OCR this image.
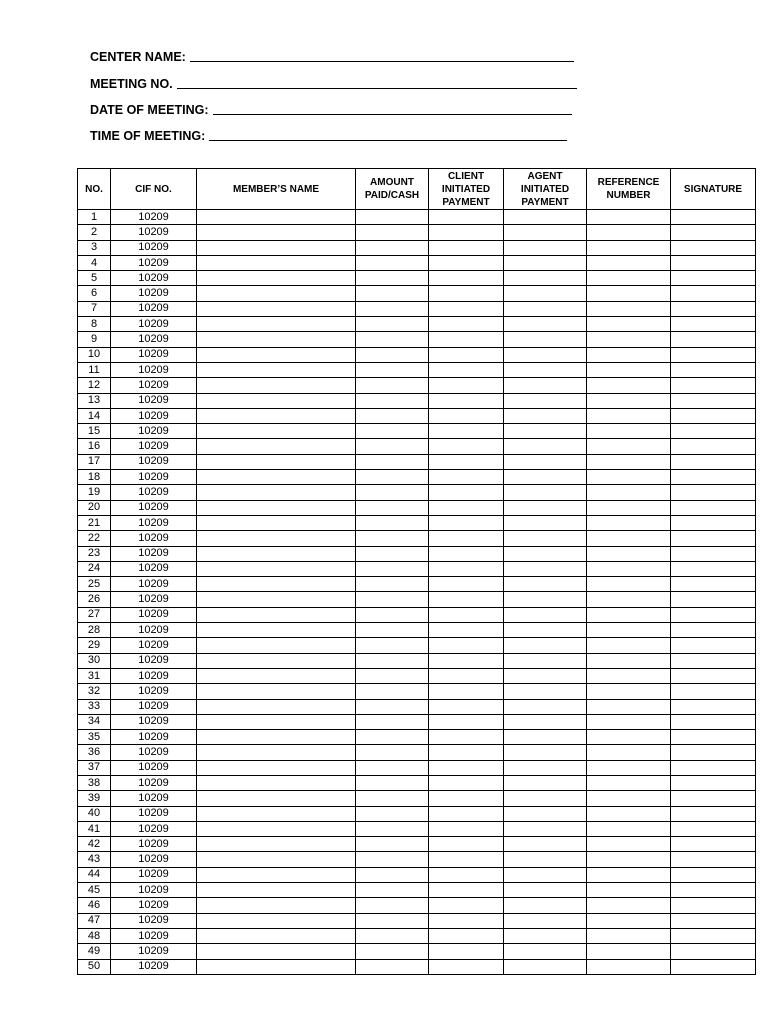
CENTER NAME:
MEETING NO.
DATE OF MEETING:
TIME OF MEETING:
NO.	CIF NO.	MEMBER’S NAME	AMOUNT PAID/CASH	CLIENT INITIATED PAYMENT	AGENT INITIATED PAYMENT	REFERENCE NUMBER	SIGNATURE
1	10209						
2	10209						
3	10209						
4	10209						
5	10209						
6	10209						
7	10209						
8	10209						
9	10209						
10	10209						
11	10209						
12	10209						
13	10209						
14	10209						
15	10209						
16	10209						
17	10209						
18	10209						
19	10209						
20	10209						
21	10209						
22	10209						
23	10209						
24	10209						
25	10209						
26	10209						
27	10209						
28	10209						
29	10209						
30	10209						
31	10209						
32	10209						
33	10209						
34	10209						
35	10209						
36	10209						
37	10209						
38	10209						
39	10209						
40	10209						
41	10209						
42	10209						
43	10209						
44	10209						
45	10209						
46	10209						
47	10209						
48	10209						
49	10209						
50	10209						
